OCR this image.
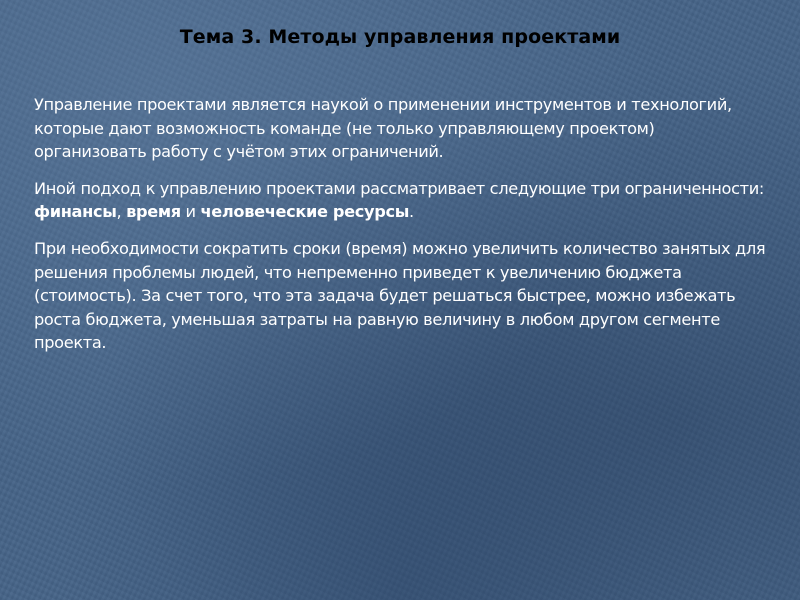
Тема 3. Методы управления проектами

Управление проектами является наукой о применении инструментов и технологий, которые дают возможность команде (не только управляющему проектом) организовать работу с учётом этих ограничений.

Иной подход к управлению проектами рассматривает следующие три ограниченности: финансы, время и человеческие ресурсы.

При необходимости сократить сроки (время) можно увеличить количество занятых для решения проблемы людей, что непременно приведет к увеличению бюджета (стоимость). За счет того, что эта задача будет решаться быстрее, можно избежать роста бюджета, уменьшая затраты на равную величину в любом другом сегменте проекта.
